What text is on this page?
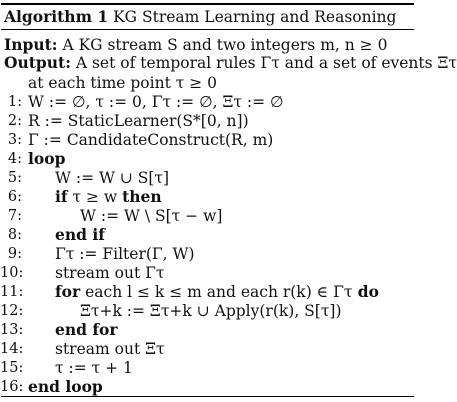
Algorithm 1 KG Stream Learning and Reasoning
Input: A KG stream S and two integers m, n ≥ 0
Output: A set of temporal rules Γτ and a set of events Ξτ
at each time point τ ≥ 0
1: W := ∅, τ := 0, Γτ := ∅, Ξτ := ∅
2: R := StaticLearner(S*[0, n])
3: Γ := CandidateConstruct(R, m)
4: loop
5: W := W ∪ S[τ]
6: if τ ≥ w then
7:	W := W \ S[τ − w]
8: end if
9: Γτ := Filter(Γ, W)
10: stream out Γτ
11: for each l ≤ k ≤ m and each r(k) ∈ Γτ do
12:	Ξτ+k := Ξτ+k ∪ Apply(r(k), S[τ])
13: end for
14: stream out Ξτ
15: τ := τ + 1
16: end loop
